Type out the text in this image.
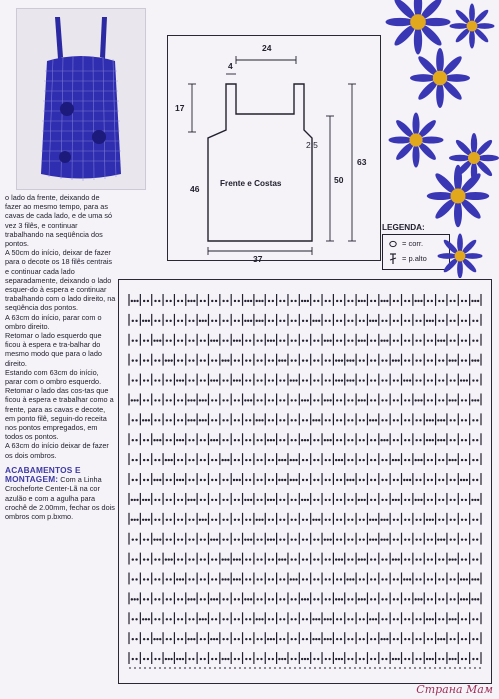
o lado da frente, deixando de fazer ao mesmo tempo, para as cavas de cada lado, e de uma só vez 3 filês, e continuar trabalhando na seqüência dos pontos.

A 50cm do início, deixar de fazer para o decote os 18 filês centrais e continuar cada lado separadamente, deixando o lado esquer-do à espera e continuar trabalhando com o lado direito, na seqüência dos pontos.

A 63cm do início, parar com o ombro direito.

Retomar o lado esquerdo que ficou à espera e tra-balhar do mesmo modo que para o lado direito.

Estando com 63cm do início, parar com o ombro esquerdo.

Retomar o lado das cos-tas que ficou à espera e trabalhar como a frente, para as cavas e decote, em ponto filê, seguin-do receita nos pontos empregados, em todos os pontos.

A 63cm do início deixar de fazer os dois ombros.

ACABAMENTOS E MONTAGEM: Com a Linha Crocheforte Center-Lã na cor azulão e com a agulha para crochê de 2.00mm, fechar os dois ombros com p.bxmo.

24
4
17
2,5
46
50
63
37
Frente e Costas
LEGENDA:
= corr.
= p.alto
Страна Мам
